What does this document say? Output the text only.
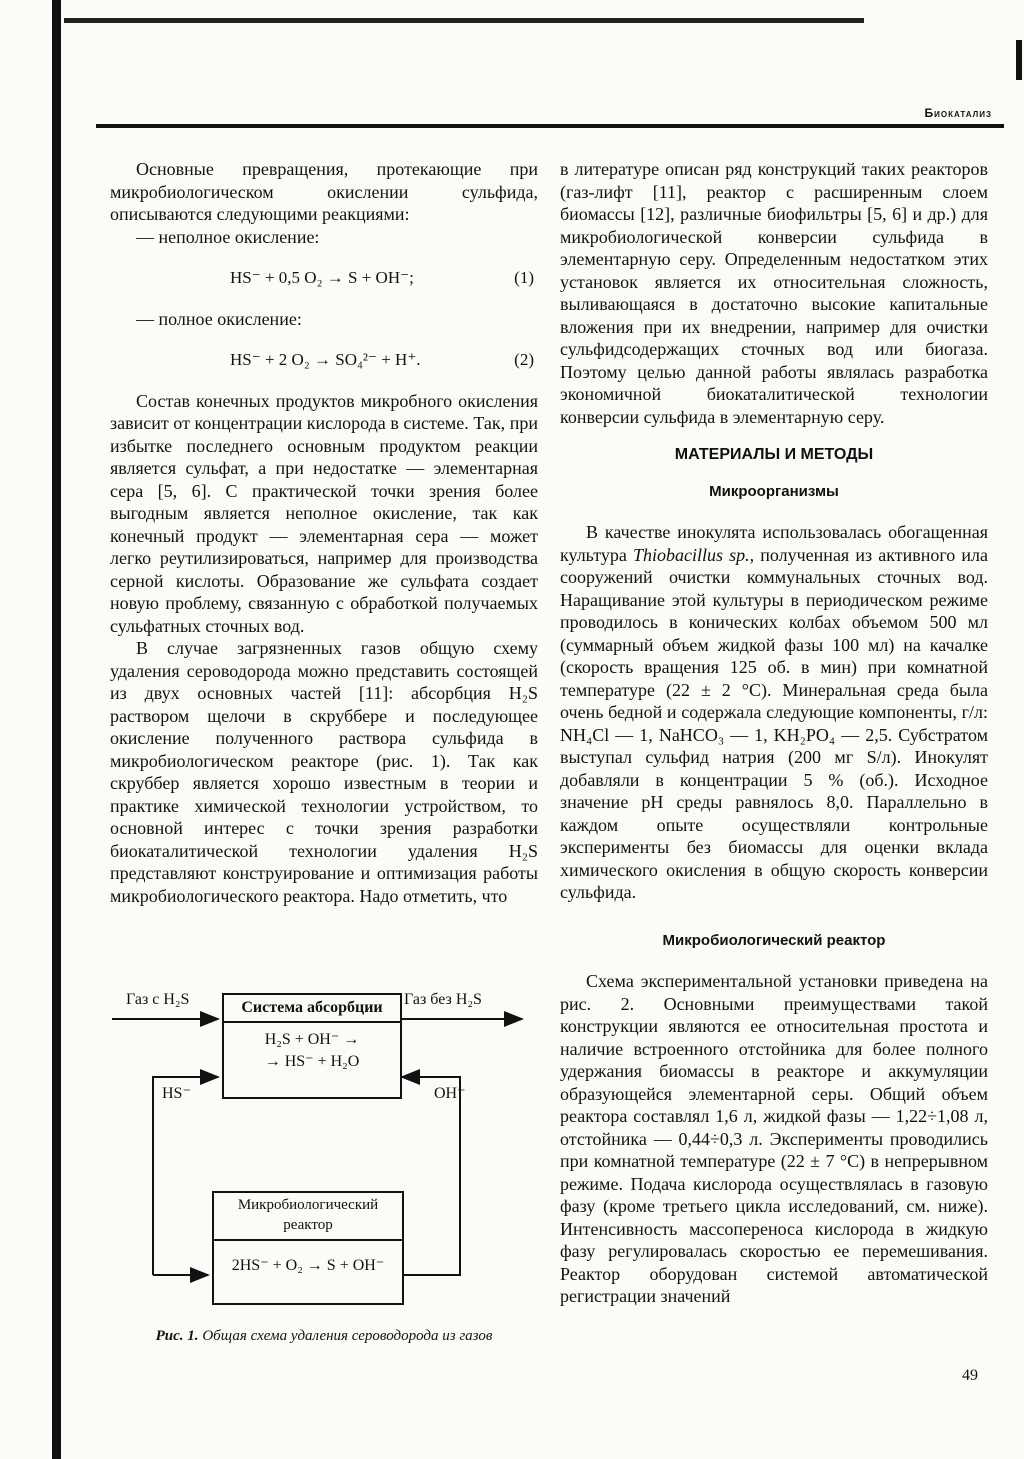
Биокатализ

Основные превращения, протекающие при микробиологическом окислении сульфида, описываются следующими реакциями:

— неполное окисление:

HS⁻ + 0,5 O₂ → S + OH⁻;	(1)

— полное окисление:

HS⁻ + 2 O₂ → SO₄²⁻ + H⁺.	(2)

Состав конечных продуктов микробного окисления зависит от концентрации кислорода в системе. Так, при избытке последнего основным продуктом реакции является сульфат, а при недостатке — элементарная сера [5, 6]. С практической точки зрения более выгодным является неполное окисление, так как конечный продукт — элементарная сера — может легко реутилизироваться, например для производства серной кислоты. Образование же сульфата создает новую проблему, связанную с обработкой получаемых сульфатных сточных вод.

В случае загрязненных газов общую схему удаления сероводорода можно представить состоящей из двух основных частей [11]: абсорбция H₂S раствором щелочи в скруббере и последующее окисление полученного раствора сульфида в микробиологическом реакторе (рис. 1). Так как скруббер является хорошо известным в теории и практике химической технологии устройством, то основной интерес с точки зрения разработки биокаталитической технологии удаления H₂S представляют конструирование и оптимизация работы микробиологического реактора. Надо отметить, что

Газ с H₂S	Газ без H₂S
Система абсорбции
H₂S + OH⁻ →
→ HS⁻ + H₂O
HS⁻	OH⁻
Микробиологический
реактор
2HS⁻ + O₂ → S + OH⁻
Рис. 1. Общая схема удаления сероводорода из газов

в литературе описан ряд конструкций таких реакторов (газ-лифт [11], реактор с расширенным слоем биомассы [12], различные биофильтры [5, 6] и др.) для микробиологической конверсии сульфида в элементарную серу. Определенным недостатком этих установок является их относительная сложность, выливающаяся в достаточно высокие капитальные вложения при их внедрении, например для очистки сульфидсодержащих сточных вод или биогаза. Поэтому целью данной работы являлась разработка экономичной биокаталитической технологии конверсии сульфида в элементарную серу.

МАТЕРИАЛЫ И МЕТОДЫ
Микроорганизмы

В качестве инокулята использовалась обогащенная культура Thiobacillus sp., полученная из активного ила сооружений очистки коммунальных сточных вод. Наращивание этой культуры в периодическом режиме проводилось в конических колбах объемом 500 мл (суммарный объем жидкой фазы 100 мл) на качалке (скорость вращения 125 об. в мин) при комнатной температуре (22 ± 2 °С). Минеральная среда была очень бедной и содержала следующие компоненты, г/л: NH₄Cl — 1, NaHCO₃ — 1, KH₂PO₄ — 2,5. Субстратом выступал сульфид натрия (200 мг S/л). Инокулят добавляли в концентрации 5 % (об.). Исходное значение pH среды равнялось 8,0. Параллельно в каждом опыте осуществляли контрольные эксперименты без биомассы для оценки вклада химического окисления в общую скорость конверсии сульфида.

Микробиологический реактор

Схема экспериментальной установки приведена на рис. 2. Основными преимуществами такой конструкции являются ее относительная простота и наличие встроенного отстойника для более полного удержания биомассы в реакторе и аккумуляции образующейся элементарной серы. Общий объем реактора составлял 1,6 л, жидкой фазы — 1,22÷1,08 л, отстойника — 0,44÷0,3 л. Эксперименты проводились при комнатной температуре (22 ± 7 °С) в непрерывном режиме. Подача кислорода осуществлялась в газовую фазу (кроме третьего цикла исследований, см. ниже). Интенсивность массопереноса кислорода в жидкую фазу регулировалась скоростью ее перемешивания. Реактор оборудован системой автоматической регистрации значений

49
